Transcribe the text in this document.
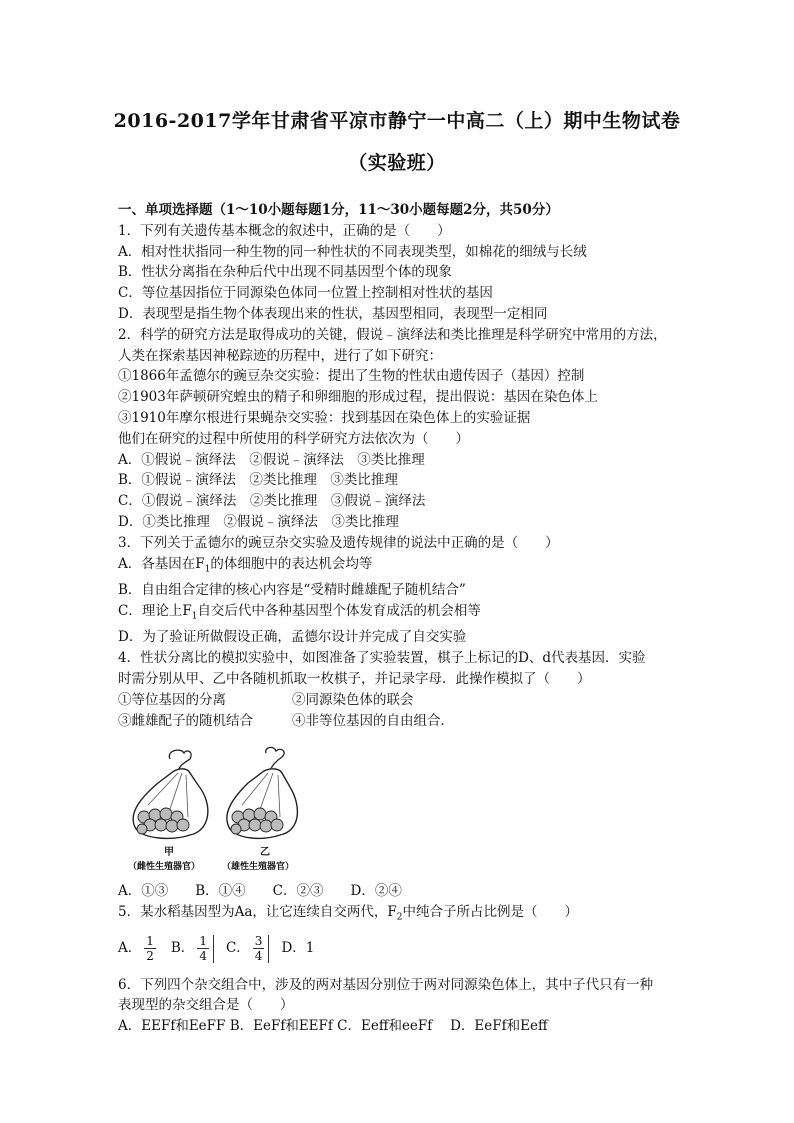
2016-2017学年甘肃省平凉市静宁一中高二（上）期中生物试卷
（实验班）
一、单项选择题（1～10小题每题1分，11～30小题每题2分，共50分）
1．下列有关遗传基本概念的叙述中，正确的是（　　）
A．相对性状指同一种生物的同一种性状的不同表现类型，如棉花的细绒与长绒
B．性状分离指在杂种后代中出现不同基因型个体的现象
C．等位基因指位于同源染色体同一位置上控制相对性状的基因
D．表现型是指生物个体表现出来的性状，基因型相同，表现型一定相同
2．科学的研究方法是取得成功的关键，假说﹣演绎法和类比推理是科学研究中常用的方法，
人类在探索基因神秘踪迹的历程中，进行了如下研究：
①1866年孟德尔的豌豆杂交实验：提出了生物的性状由遗传因子（基因）控制
②1903年萨顿研究蝗虫的精子和卵细胞的形成过程，提出假说：基因在染色体上
③1910年摩尔根进行果蝇杂交实验：找到基因在染色体上的实验证据
他们在研究的过程中所使用的科学研究方法依次为（　　）
A．①假说﹣演绎法　②假说﹣演绎法　③类比推理
B．①假说﹣演绎法　②类比推理　③类比推理
C．①假说﹣演绎法　②类比推理　③假说﹣演绎法
D．①类比推理　②假说﹣演绎法　③类比推理
3．下列关于孟德尔的豌豆杂交实验及遗传规律的说法中正确的是（　　）
A．各基因在$F_1$的体细胞中的表达机会均等
B．自由组合定律的核心内容是“受精时雌雄配子随机结合”
C．理论上$F_1$自交后代中各种基因型个体发育成活的机会相等
D．为了验证所做假设正确，孟德尔设计并完成了自交实验
4．性状分离比的模拟实验中，如图准备了实验装置，棋子上标记的D、d代表基因．实验
时需分别从甲、乙中各随机抓取一枚棋子，并记录字母．此操作模拟了（　　）
①等位基因的分离	②同源染色体的联会
③雌雄配子的随机结合	④非等位基因的自由组合．
甲
（雌性生殖器官）
乙
（雄性生殖器官）
A．①③　　B．①④　　C．②③　　D．②④
5．某水稻基因型为Aa，让它连续自交两代，$F_2$中纯合子所占比例是（　　）
A． $\frac{1}{2}$ B． $\frac{1}{4}$ C． $\frac{3}{4}$ D．1
6．下列四个杂交组合中，涉及的两对基因分别位于两对同源染色体上，其中子代只有一种
表现型的杂交组合是（　　）
A．EEFf和EeFF B．EeFf和EEFf C．Eeff和eeFf　 D．EeFf和Eeff
